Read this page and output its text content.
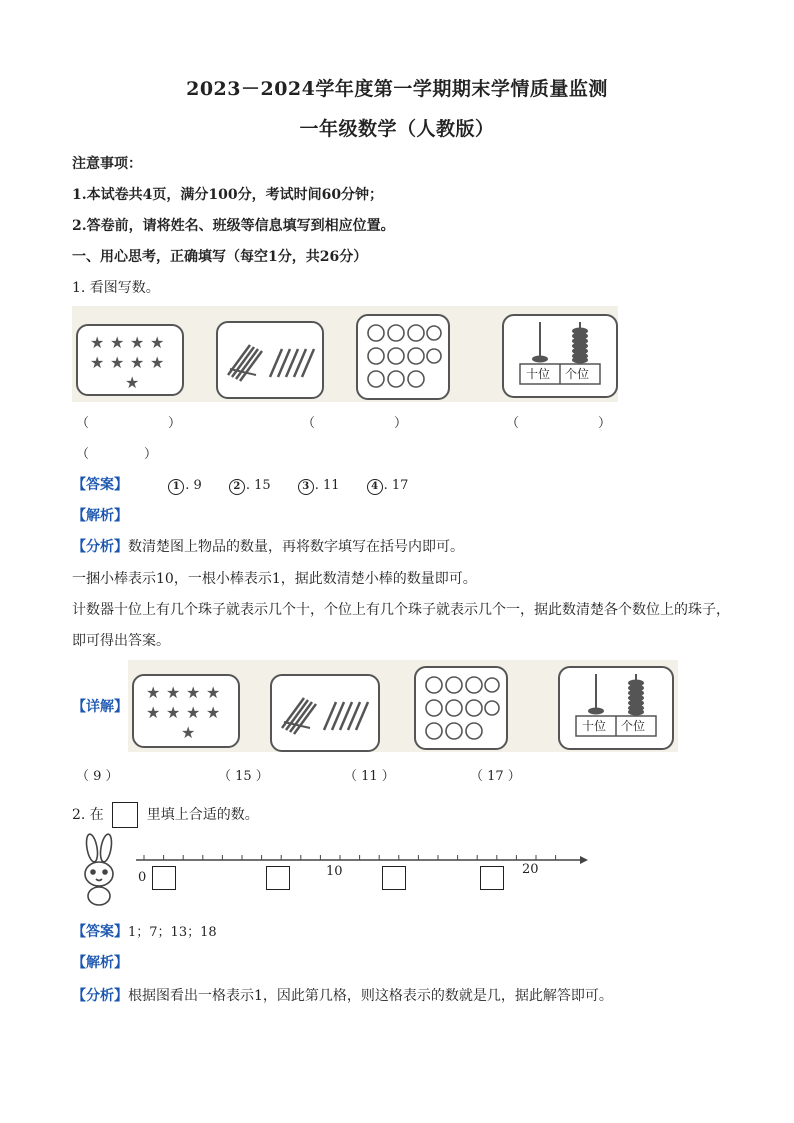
2023－2024学年度第一学期期末学情质量监测
一年级数学（人教版）
注意事项：
1.本试卷共4页，满分100分，考试时间60分钟；
2.答卷前，请将姓名、班级等信息填写到相应位置。
一、用心思考，正确填写（每空1分，共26分）
1. 看图写数。
★ ★ ★ ★
★ ★ ★ ★
★	十位 个位
（	）	（	）	（	）
（	）
【答案】	1 . 9	2 . 15	3 . 11	4 . 17
【解析】
【分析】数清楚图上物品的数量，再将数字填写在括号内即可。
一捆小棒表示10，一根小棒表示1，据此数清楚小棒的数量即可。
计数器十位上有几个珠子就表示几个十，个位上有几个珠子就表示几个一，据此数清楚各个数位上的珠子，
即可得出答案。
【详解】
★ ★ ★ ★
★ ★ ★ ★
★	十位 个位
（ 9 ）	（ 15 ）	（ 11 ）	（ 17 ）
2. 在	里填上合适的数。
0	10	20
【答案】1；7；13；18
【解析】
【分析】根据图看出一格表示1，因此第几格，则这格表示的数就是几，据此解答即可。
